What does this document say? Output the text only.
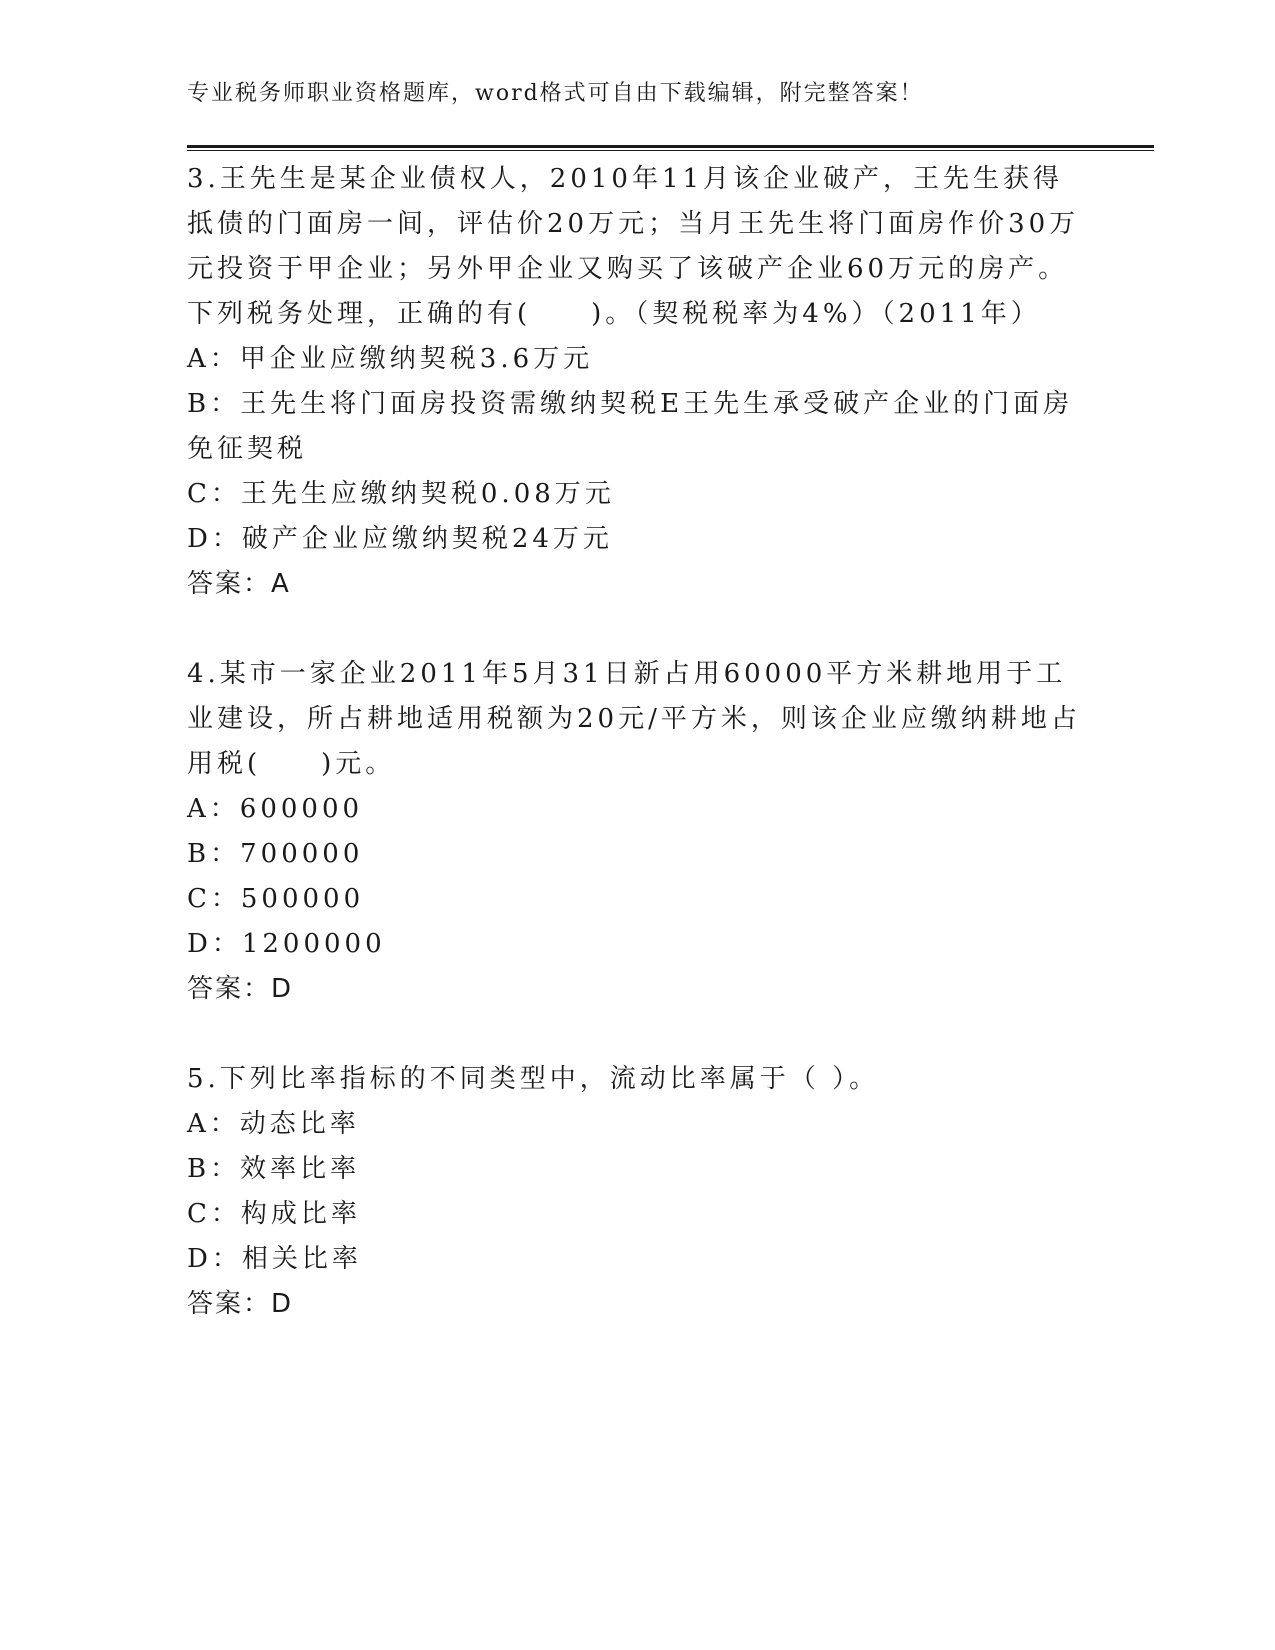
专业税务师职业资格题库，word格式可自由下载编辑，附完整答案！
3.王先生是某企业债权人，2010年11月该企业破产，王先生获得抵债的门面房一间，评估价20万元；当月王先生将门面房作价30万元投资于甲企业；另外甲企业又购买了该破产企业60万元的房产。下列税务处理，正确的有(　　)。（契税税率为4%）（2011年）
A：甲企业应缴纳契税3.6万元
B：王先生将门面房投资需缴纳契税E王先生承受破产企业的门面房免征契税
C：王先生应缴纳契税0.08万元
D：破产企业应缴纳契税24万元
答案：A
4.某市一家企业2011年5月31日新占用60000平方米耕地用于工业建设，所占耕地适用税额为20元/平方米，则该企业应缴纳耕地占用税(　　)元。
A：600000
B：700000
C：500000
D：1200000
答案：D
5.下列比率指标的不同类型中，流动比率属于（ ）。
A：动态比率
B：效率比率
C：构成比率
D：相关比率
答案：D
